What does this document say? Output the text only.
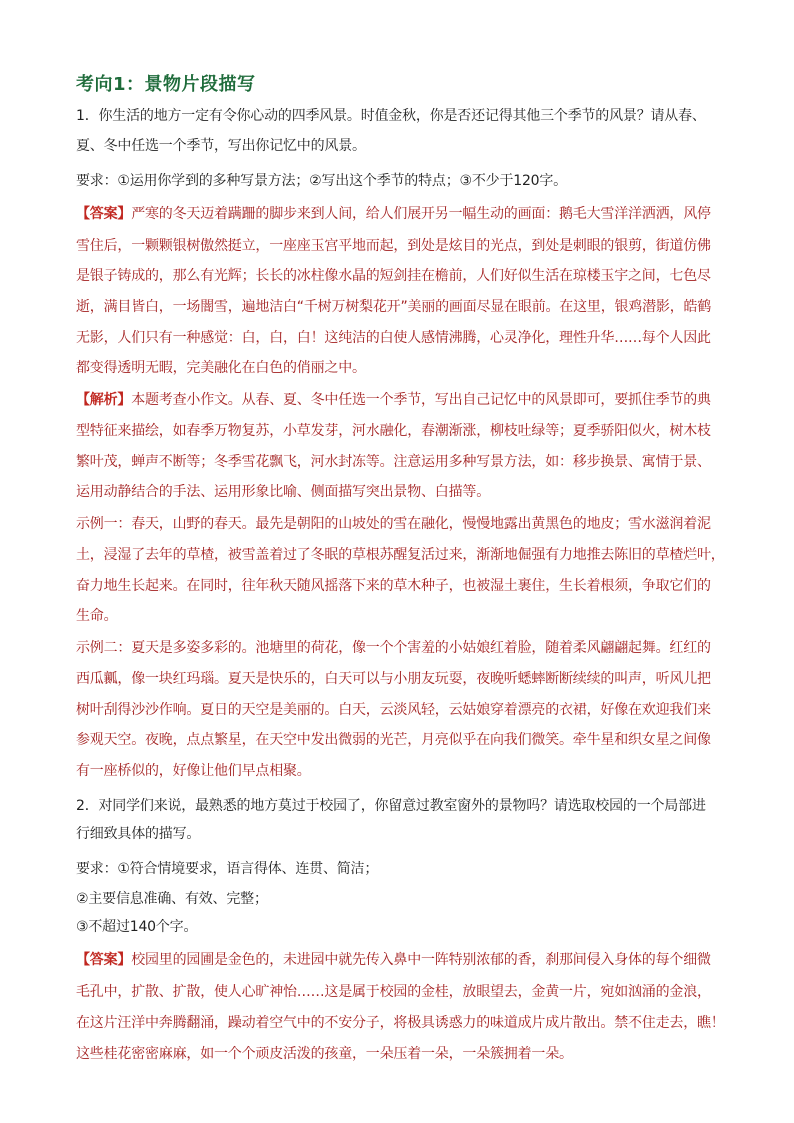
考向1：景物片段描写
1．你生活的地方一定有令你心动的四季风景。时值金秋，你是否还记得其他三个季节的风景？请从春、
夏、冬中任选一个季节，写出你记忆中的风景。
要求：①运用你学到的多种写景方法；②写出这个季节的特点；③不少于120字。
【答案】严寒的冬天迈着蹒跚的脚步来到人间，给人们展开另一幅生动的画面：鹅毛大雪洋洋洒洒，风停
雪住后，一颗颗银树傲然挺立，一座座玉宫平地而起，到处是炫目的光点，到处是刺眼的银剪，街道仿佛
是银子铸成的，那么有光辉；长长的冰柱像水晶的短剑挂在檐前，人们好似生活在琼楼玉宇之间，七色尽
逝，满目皆白，一场闇雪，遍地洁白“千树万树梨花开”美丽的画面尽显在眼前。在这里，银鸡潜影，皓鹤
无影，人们只有一种感觉：白，白，白！这纯洁的白使人感情沸腾，心灵净化，理性升华……每个人因此
都变得透明无暇，完美融化在白色的俏丽之中。
【解析】本题考查小作文。从春、夏、冬中任选一个季节，写出自己记忆中的风景即可，要抓住季节的典
型特征来描绘，如春季万物复苏，小草发芽，河水融化，春潮渐涨，柳枝吐绿等；夏季骄阳似火，树木枝
繁叶茂，蝉声不断等；冬季雪花飘飞，河水封冻等。注意运用多种写景方法，如：移步换景、寓情于景、
运用动静结合的手法、运用形象比喻、侧面描写突出景物、白描等。
示例一：春天，山野的春天。最先是朝阳的山坡处的雪在融化，慢慢地露出黄黑色的地皮；雪水滋润着泥
土，浸湿了去年的草楂，被雪盖着过了冬眠的草根苏醒复活过来，渐渐地倔强有力地推去陈旧的草楂烂叶，
奋力地生长起来。在同时，往年秋天随风摇落下来的草木种子，也被湿土裹住，生长着根须，争取它们的
生命。
示例二：夏天是多姿多彩的。池塘里的荷花，像一个个害羞的小姑娘红着脸，随着柔风翩翩起舞。红红的
西瓜瓤，像一块红玛瑙。夏天是快乐的，白天可以与小朋友玩耍，夜晚听蟋蟀断断续续的叫声，听风儿把
树叶刮得沙沙作响。夏日的天空是美丽的。白天，云淡风轻，云姑娘穿着漂亮的衣裙，好像在欢迎我们来
参观天空。夜晚，点点繁星，在天空中发出微弱的光芒，月亮似乎在向我们微笑。牵牛星和织女星之间像
有一座桥似的，好像让他们早点相聚。
2．对同学们来说，最熟悉的地方莫过于校园了，你留意过教室窗外的景物吗？请选取校园的一个局部进
行细致具体的描写。
要求：①符合情境要求，语言得体、连贯、简洁；
②主要信息准确、有效、完整；
③不超过140个字。
【答案】校园里的园圃是金色的，未进园中就先传入鼻中一阵特别浓郁的香，刹那间侵入身体的每个细微
毛孔中，扩散、扩散，使人心旷神怡……这是属于校园的金桂，放眼望去，金黄一片，宛如汹涌的金浪，
在这片汪洋中奔腾翻涌，躁动着空气中的不安分子，将极具诱惑力的味道成片成片散出。禁不住走去，瞧！
这些桂花密密麻麻，如一个个顽皮活泼的孩童，一朵压着一朵，一朵簇拥着一朵。
